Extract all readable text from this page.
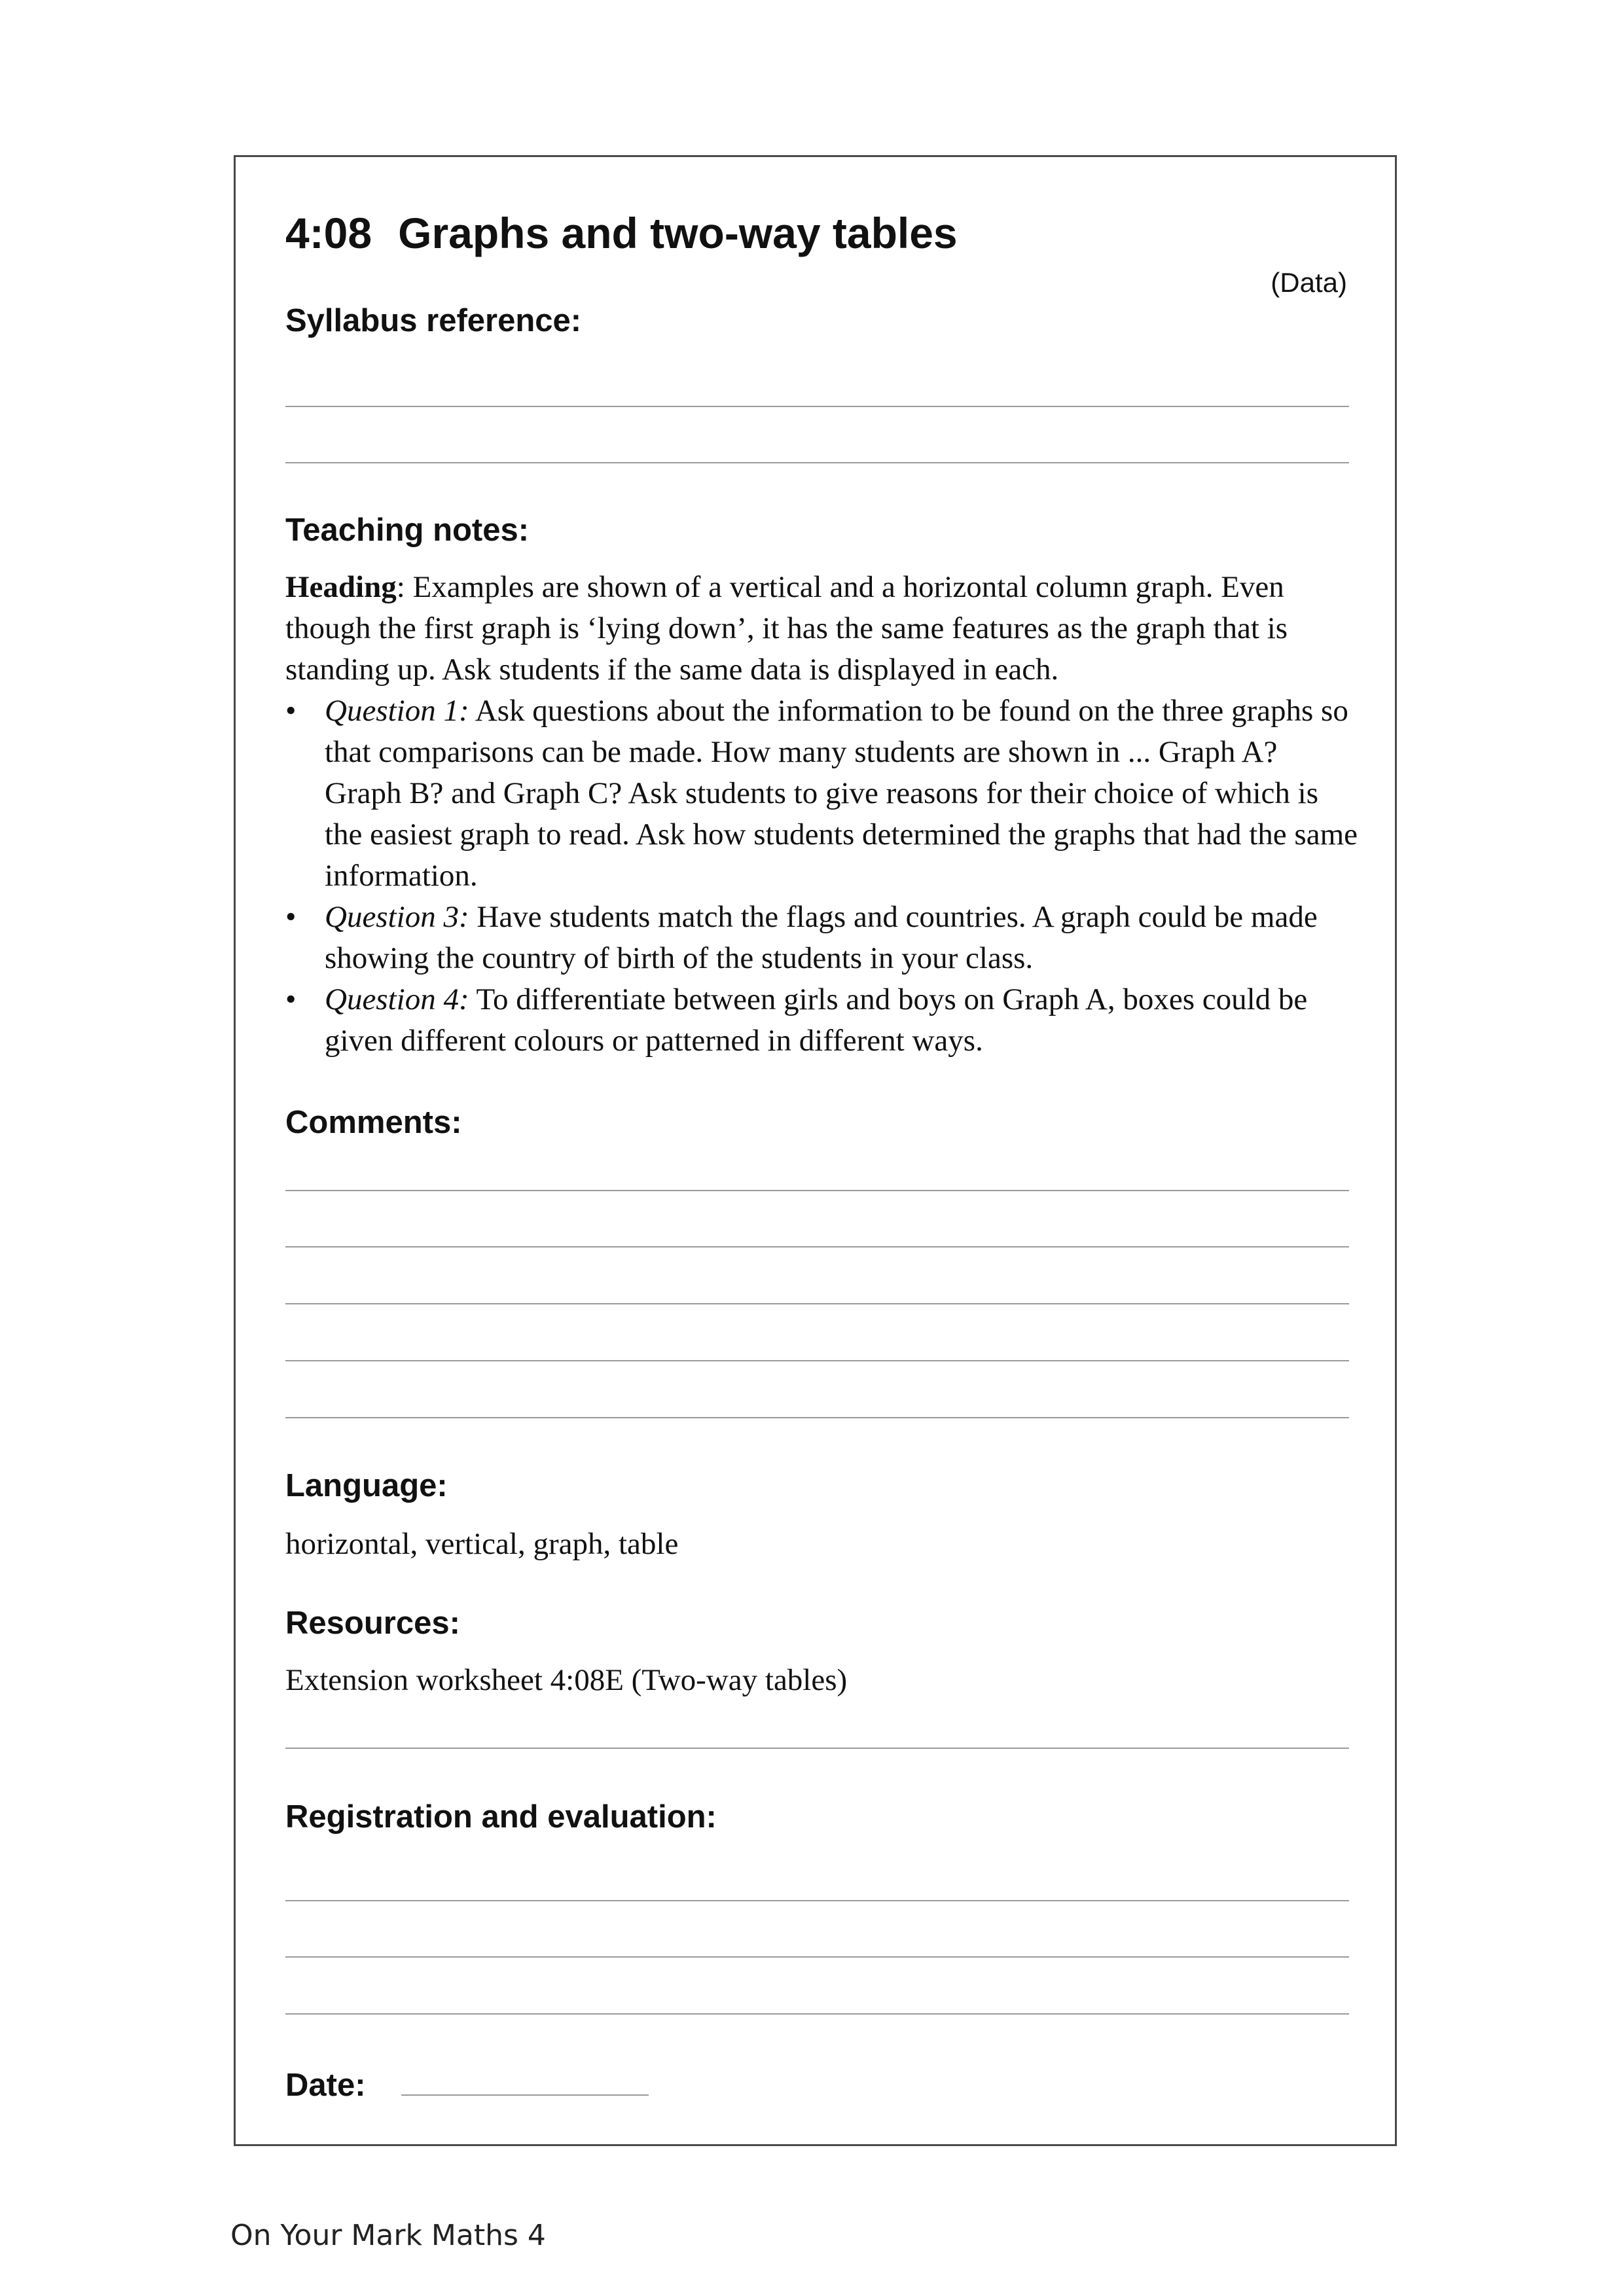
4:08 Graphs and two-way tables
(Data)
Syllabus reference:
Teaching notes:

Heading: Examples are shown of a vertical and a horizontal column graph. Even though the first graph is ‘lying down’, it has the same features as the graph that is standing up. Ask students if the same data is displayed in each.

• Question 1: Ask questions about the information to be found on the three graphs so that comparisons can be made. How many students are shown in ... Graph A? Graph B? and Graph C? Ask students to give reasons for their choice of which is the easiest graph to read. Ask how students determined the graphs that had the same information.
• Question 3: Have students match the flags and countries. A graph could be made showing the country of birth of the students in your class.
• Question 4: To differentiate between girls and boys on Graph A, boxes could be given different colours or patterned in different ways.
Comments:
Language:
horizontal, vertical, graph, table
Resources:
Extension worksheet 4:08E (Two-way tables)
Registration and evaluation:
Date:
On Your Mark Maths 4
